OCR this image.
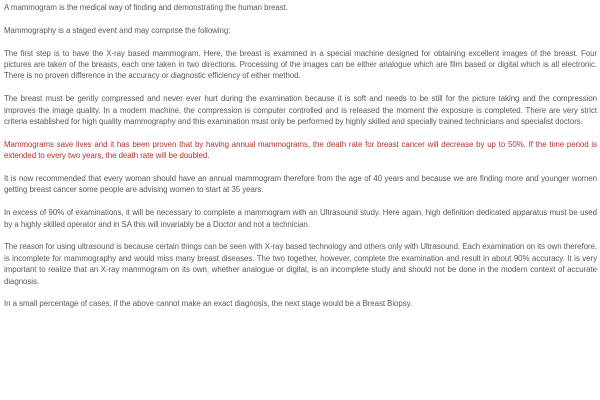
A mammogram is the medical way of finding and demonstrating the human breast.

Mammography is a staged event and may comprise the following:

The first step is to have the X-ray based mammogram. Here, the breast is examined in a special machine designed for obtaining excellent images of the breast. Four pictures are taken of the breasts, each one taken in two directions. Processing of the images can be either analogue which are film based or digital which is all electronic. There is no proven difference in the accuracy or diagnostic efficiency of either method.

The breast must be gently compressed and never ever hurt during the examination because it is soft and needs to be still for the picture taking and the compression improves the image quality. In a modern machine, the compression is computer controlled and is released the moment the exposure is completed. There are very strict criteria established for high quality mammography and this examination must only be performed by highly skilled and specially trained technicians and specialist doctors.

Mammograms save lives and it has been proven that by having annual mammograms, the death rate for breast cancer will decrease by up to 50%. If the time period is extended to every two years, the death rate will be doubled.

It is now recommended that every woman should have an annual mammogram therefore from the age of 40 years and because we are finding more and younger women getting breast cancer some people are advising women to start at 35 years.

In excess of 90% of examinations, it will be necessary to complete a mammogram with an Ultrasound study. Here again, high definition dedicated apparatus must be used by a highly skilled operator and in SA this will invariably be a Doctor and not a technician.

The reason for using ultrasound is because certain things can be seen with X-ray based technology and others only with Ultrasound. Each examination on its own therefore, is incomplete for mammography and would miss many breast diseases. The two together, however, complete the examination and result in about 90% accuracy. It is very important to realize that an X-ray mammogram on its own, whether analogue or digital, is an incomplete study and should not be done in the modern context of accurate diagnosis.

In a small percentage of cases, if the above cannot make an exact diagnosis, the next stage would be a Breast Biopsy.
